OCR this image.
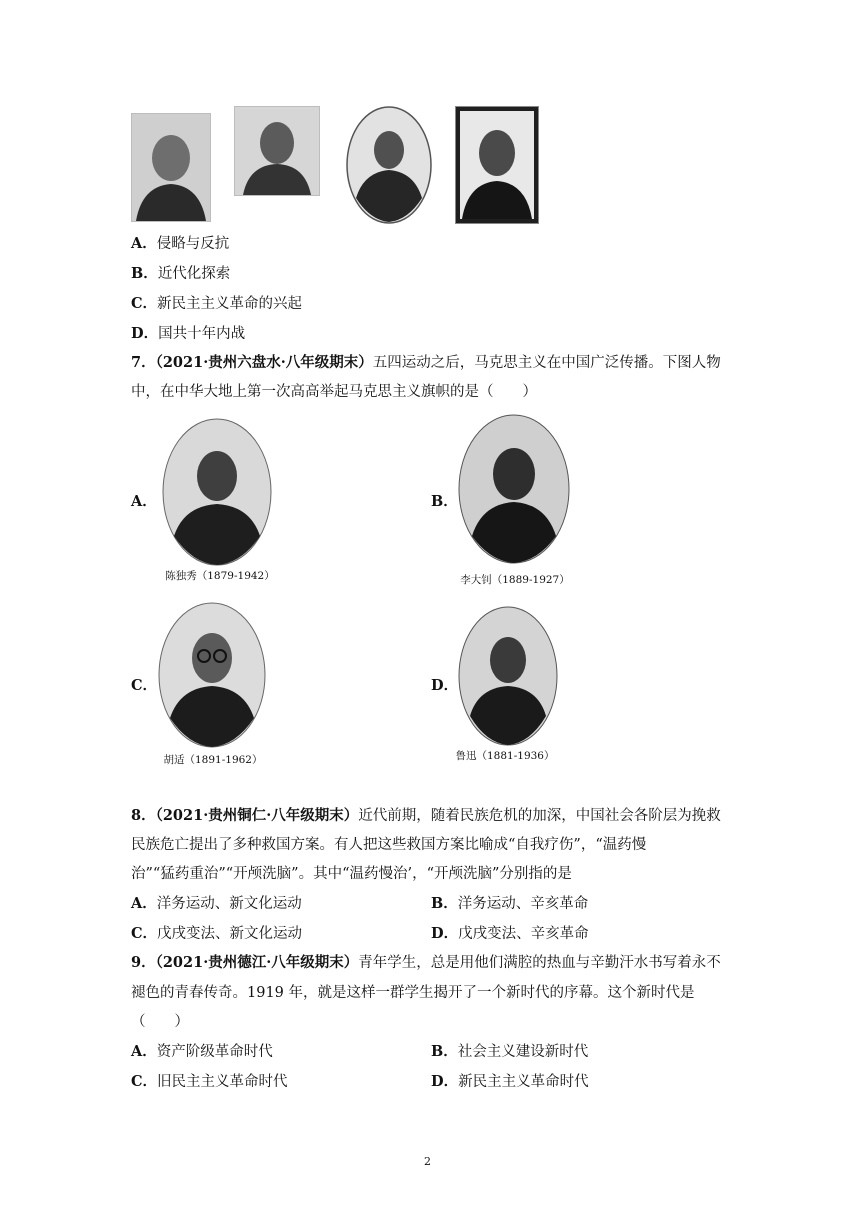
A．侵略与反抗
B．近代化探索
C．新民主主义革命的兴起
D．国共十年内战
7．（2021·贵州六盘水·八年级期末）五四运动之后，马克思主义在中国广泛传播。下图人物
中，在中华大地上第一次高高举起马克思主义旗帜的是（　　）
A．
陈独秀（1879-1942）
B．
李大钊（1889-1927）
C．
胡适（1891-1962）
D．
鲁迅（1881-1936）
8．（2021·贵州铜仁·八年级期末）近代前期，随着民族危机的加深，中国社会各阶层为挽救
民族危亡提出了多种救国方案。有人把这些救国方案比喻成“自我疗伤”，“温药慢
治”“猛药重治”“开颅洗脑”。其中“温药慢治’，“开颅洗脑”分别指的是
A．洋务运动、新文化运动	B．洋务运动、辛亥革命
C．戊戌变法、新文化运动	D．戊戌变法、辛亥革命
9．（2021·贵州德江·八年级期末）青年学生，总是用他们满腔的热血与辛勤汗水书写着永不
褪色的青春传奇。1919 年，就是这样一群学生揭开了一个新时代的序幕。这个新时代是
（　　）
A．资产阶级革命时代	B．社会主义建设新时代
C．旧民主主义革命时代	D．新民主主义革命时代
2
